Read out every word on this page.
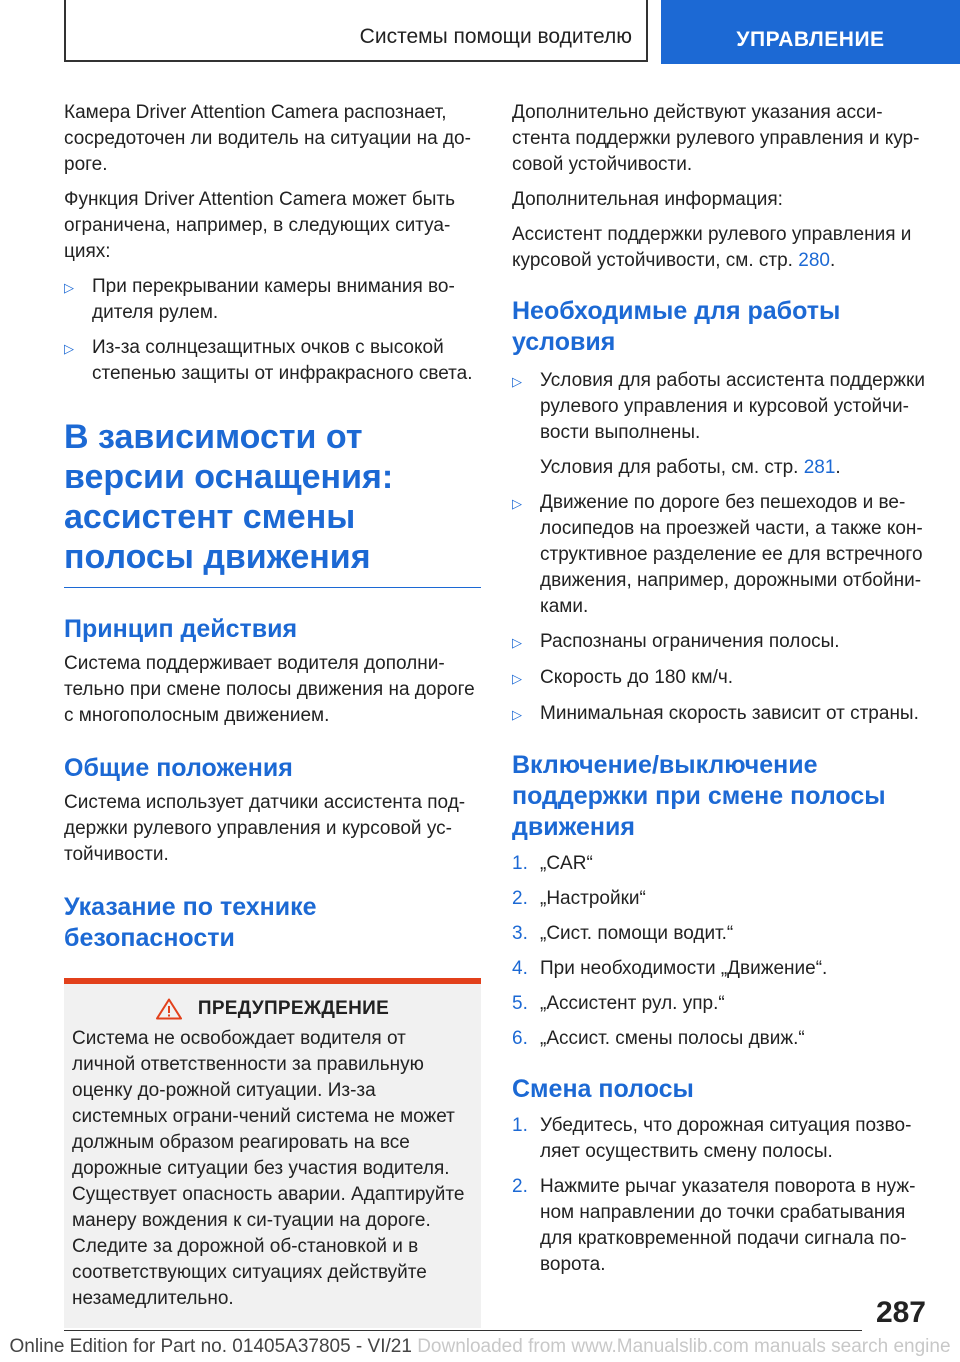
Системы помощи водителю	УПРАВЛЕНИЕ

Камера Driver Attention Camera распознает, сосредоточен ли водитель на ситуации на до-роге.

Функция Driver Attention Camera может быть ограничена, например, в следующих ситуа-циях:

▷ При перекрывании камеры внимания во-дителя рулем.
▷ Из-за солнцезащитных очков с высокой степенью защиты от инфракрасного света.
В зависимости от версии оснащения: ассистент смены полосы движения
Принцип действия

Система поддерживает водителя дополни-тельно при смене полосы движения на дороге с многополосным движением.

Общие положения

Система использует датчики ассистента под-держки рулевого управления и курсовой ус-тойчивости.

Указание по технике безопасности
ПРЕДУПРЕЖДЕНИЕ

Система не освобождает водителя от личной ответственности за правильную оценку до-рожной ситуации. Из-за системных ограни-чений система не может должным образом реагировать на все дорожные ситуации без участия водителя. Существует опасность аварии. Адаптируйте манеру вождения к си-туации на дороге. Следите за дорожной об-становкой и в соответствующих ситуациях действуйте незамедлительно.

Дополнительно действуют указания асси-стента поддержки рулевого управления и кур-совой устойчивости.

Дополнительная информация:

Ассистент поддержки рулевого управления и курсовой устойчивости, см. стр. 280.

Необходимые для работы условия
▷ Условия для работы ассистента поддержки рулевого управления и курсовой устойчи-вости выполнены.

Условия для работы, см. стр. 281.

▷ Движение по дороге без пешеходов и ве-лосипедов на проезжей части, а также кон-структивное разделение ее для встречного движения, например, дорожными отбойни-ками.
▷ Распознаны ограничения полосы.
▷ Скорость до 180 км/ч.
▷ Минимальная скорость зависит от страны.
Включение/выключение поддержки при смене полосы движения
1. „CAR“
2. „Настройки“
3. „Сист. помощи водит.“
4. При необходимости „Движение“.
5. „Ассистент рул. упр.“
6. „Ассист. смены полосы движ.“
Смена полосы
1. Убедитесь, что дорожная ситуация позво-ляет осуществить смену полосы.
2. Нажмите рычаг указателя поворота в нуж-ном направлении до точки срабатывания для кратковременной подачи сигнала по-ворота.
287
Online Edition for Part no. 01405A37805 - VI/21 Downloaded from www.Manualslib.com manuals search engine
